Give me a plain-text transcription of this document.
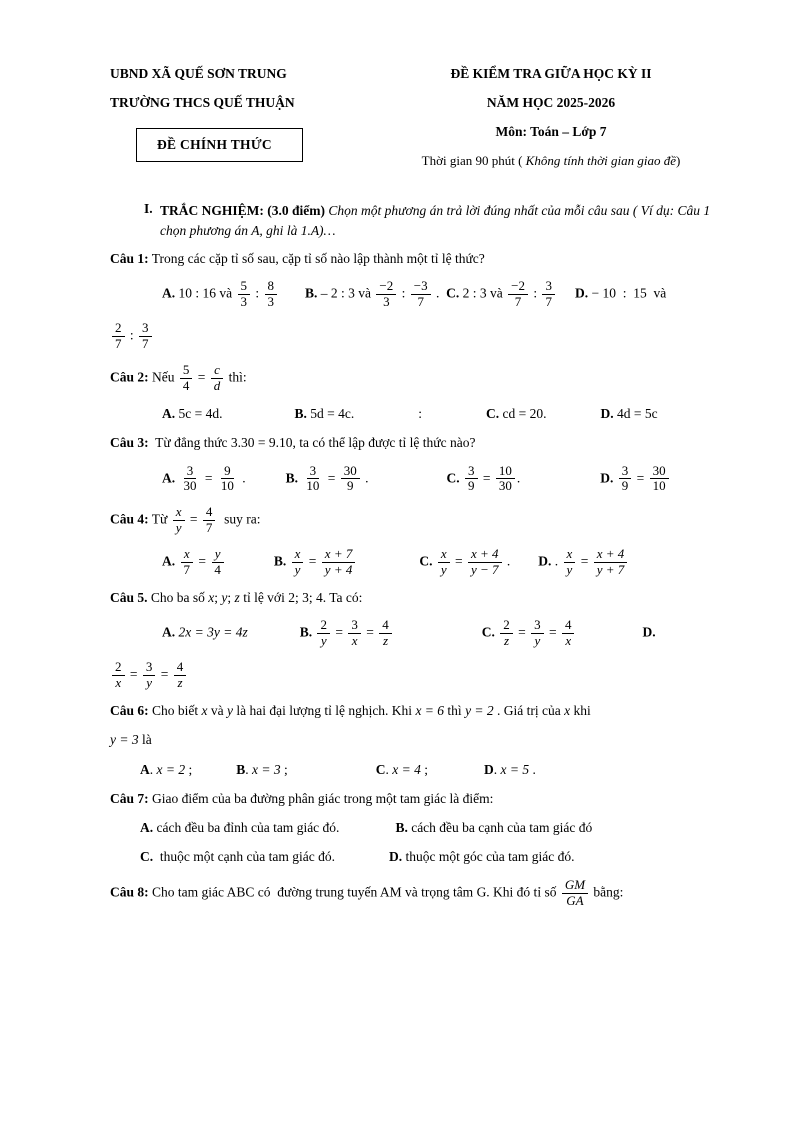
UBND XÃ QUẾ SƠN TRUNG
TRƯỜNG THCS QUẾ THUẬN
ĐỀ CHÍNH THỨC
ĐỀ KIỂM TRA GIỮA HỌC KỲ II
NĂM HỌC 2025-2026
Môn: Toán – Lớp 7
Thời gian 90 phút ( Không tính thời gian giao đề)
I. TRẮC NGHIỆM: (3.0 điểm) Chọn một phương án trả lời đúng nhất của mỗi câu sau ( Ví dụ: Câu 1 chọn phương án A, ghi là 1.A)…
Câu 1: Trong các cặp tỉ số sau, cặp tỉ số nào lập thành một tỉ lệ thức?
A. 10 : 16 và $\frac{5}{3}$ : $\frac{8}{3} B$. – 2 : 3 và $\frac{-2}{3}$ : $\frac{-3}{7}$ .  C. 2 : 3 và $\frac{-2}{7}$ : $\frac{3}{7} D$. − 10  :  15  và
$\frac{2}{7}$ : $\frac{3}{7}$
Câu 2: Nếu $\frac{5}{4} = \frac{c}{d}$ thì:
A. 5c = 4d.	B. 5d = 4c.	:	C. cd = 20.	D. 4d = 5c
Câu 3:  Từ đẳng thức 3.30 = 9.10, ta có thể lập được tỉ lệ thức nào?
A. $\frac{3}{30} = \frac{9}{10}$ .	B. $\frac{3}{10} = \frac{30}{9}$ .	C. $\frac{3}{9} = \frac{10}{30}$ .	D. $\frac{3}{9} = \frac{30}{10}$
Câu 4: Từ $\frac{x}{y} = \frac{4}{7}$ suy ra:
A. $\frac{x}{7} = \frac{y}{4}$	B. $\frac{x}{y} = \frac{x + 7}{y + 4}$	C. $\frac{x}{y} = \frac{x + 4}{y - 7}$ . D. . $\frac{x}{y} = \frac{x + 4}{y + 7}$
Câu 5. Cho ba số x; y; z tỉ lệ với 2; 3; 4. Ta có:
A. 2x = 3y = 4z	B. $\frac{2}{y} = \frac{3}{x} = \frac{4}{z}$	C. $\frac{2}{z} = \frac{3}{y} = \frac{4}{x}$	D.
$\frac{2}{x} = \frac{3}{y} = \frac{4}{z}$
Câu 6: Cho biết x và y là hai đại lượng tỉ lệ nghịch. Khi x = 6 thì y = 2 . Giá trị của x khi
y = 3 là
A. x = 2 ;	B. x = 3 ;	C. x = 4 ;	D. x = 5 .
Câu 7: Giao điểm của ba đường phân giác trong một tam giác là điểm:
A. cách đều ba đỉnh của tam giác đó.	B. cách đều ba cạnh của tam giác đó
C.  thuộc một cạnh của tam giác đó.	D. thuộc một góc của tam giác đó.
Câu 8: Cho tam giác ABC có  đường trung tuyến AM và trọng tâm G. Khi đó tỉ số $\frac{GM}{GA}$ bằng:
